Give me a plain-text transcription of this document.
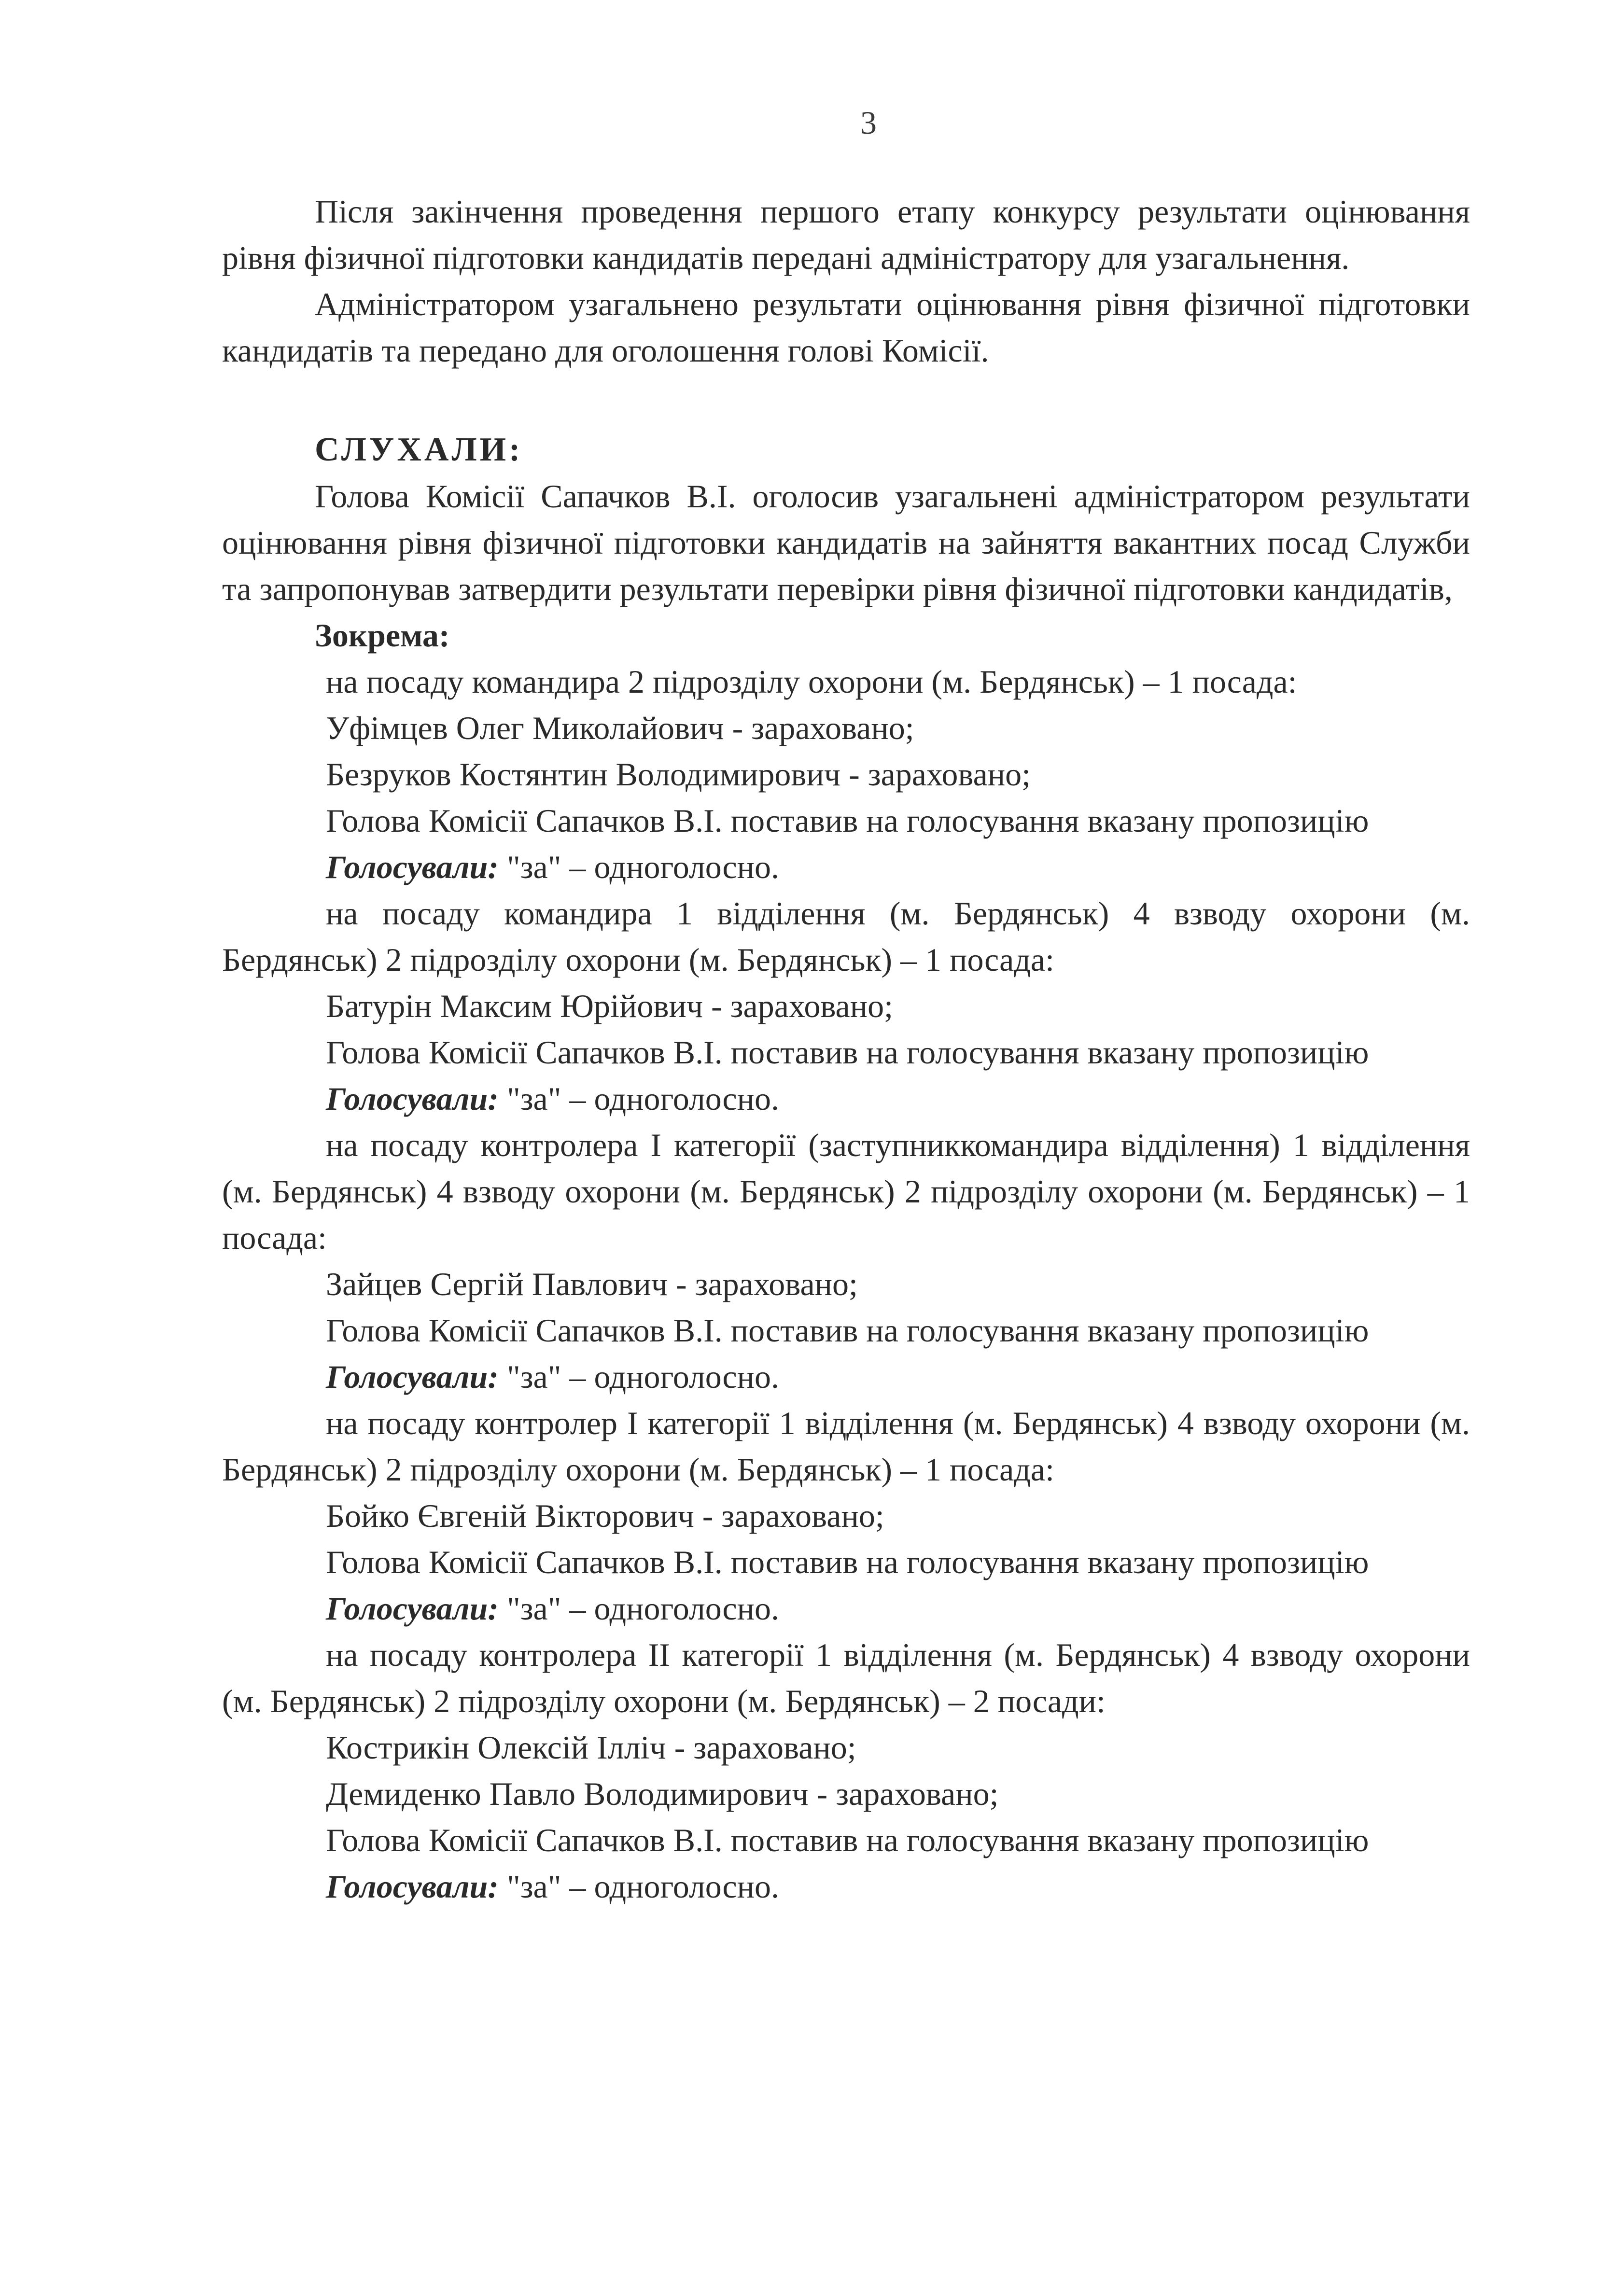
3

Після закінчення проведення першого етапу конкурсу результати оцінювання рівня фізичної підготовки кандидатів передані адміністратору для узагальнення.

Адміністратором узагальнено результати оцінювання рівня фізичної підготовки кандидатів та передано для оголошення голові Комісії.

СЛУХАЛИ:

Голова Комісії Сапачков В.І. оголосив узагальнені адміністратором результати оцінювання рівня фізичної підготовки кандидатів на зайняття вакантних посад Служби та запропонував затвердити результати перевірки рівня фізичної підготовки кандидатів,

Зокрема:

на посаду командира 2 підрозділу охорони (м. Бердянськ) – 1 посада:

Уфімцев Олег Миколайович - зараховано;

Безруков Костянтин Володимирович - зараховано;

Голова Комісії Сапачков В.І. поставив на голосування вказану пропозицію

Голосували: "за" – одноголосно.

на посаду командира 1 відділення (м. Бердянськ) 4 взводу охорони (м. Бердянськ) 2 підрозділу охорони (м. Бердянськ) – 1 посада:

Батурін Максим Юрійович - зараховано;

Голова Комісії Сапачков В.І. поставив на голосування вказану пропозицію

Голосували: "за" – одноголосно.

на посаду контролера I категорії (заступниккомандира відділення) 1 відділення (м. Бердянськ) 4 взводу охорони (м. Бердянськ) 2 підрозділу охорони (м. Бердянськ) – 1 посада:

Зайцев Сергій Павлович - зараховано;

Голова Комісії Сапачков В.І. поставив на голосування вказану пропозицію

Голосували: "за" – одноголосно.

на посаду контролер I категорії 1 відділення (м. Бердянськ) 4 взводу охорони (м. Бердянськ) 2 підрозділу охорони (м. Бердянськ) – 1 посада:

Бойко Євгеній Вікторович - зараховано;

Голова Комісії Сапачков В.І. поставив на голосування вказану пропозицію

Голосували: "за" – одноголосно.

на посаду контролера II категорії 1 відділення (м. Бердянськ) 4 взводу охорони (м. Бердянськ) 2 підрозділу охорони (м. Бердянськ) – 2 посади:

Кострикін Олексій Ілліч - зараховано;

Демиденко Павло Володимирович - зараховано;

Голова Комісії Сапачков В.І. поставив на голосування вказану пропозицію

Голосували: "за" – одноголосно.
